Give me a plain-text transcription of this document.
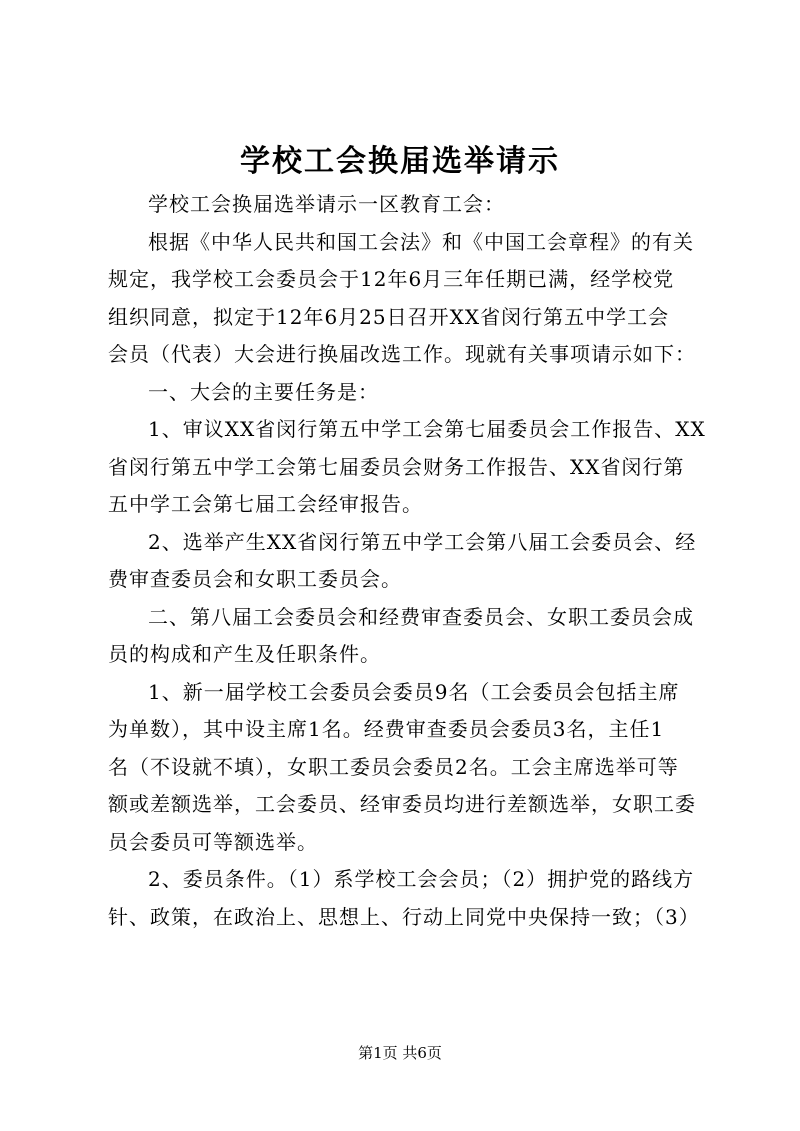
学校工会换届选举请示
学校工会换届选举请示一区教育工会：
根据《中华人民共和国工会法》和《中国工会章程》的有关
规定，我学校工会委员会于12年6月三年任期已满，经学校党
组织同意，拟定于12年6月25日召开XX省闵行第五中学工会
会员（代表）大会进行换届改选工作。现就有关事项请示如下：
一、大会的主要任务是：
1、审议XX省闵行第五中学工会第七届委员会工作报告、XX
省闵行第五中学工会第七届委员会财务工作报告、XX省闵行第
五中学工会第七届工会经审报告。
2、选举产生XX省闵行第五中学工会第八届工会委员会、经
费审查委员会和女职工委员会。
二、第八届工会委员会和经费审查委员会、女职工委员会成
员的构成和产生及任职条件。
1、新一届学校工会委员会委员9名（工会委员会包括主席
为单数），其中设主席1名。经费审查委员会委员3名，主任1
名（不设就不填），女职工委员会委员2名。工会主席选举可等
额或差额选举，工会委员、经审委员均进行差额选举，女职工委
员会委员可等额选举。
2、委员条件。（1）系学校工会会员；（2）拥护党的路线方
针、政策，在政治上、思想上、行动上同党中央保持一致；（3）
第1页 共6页
